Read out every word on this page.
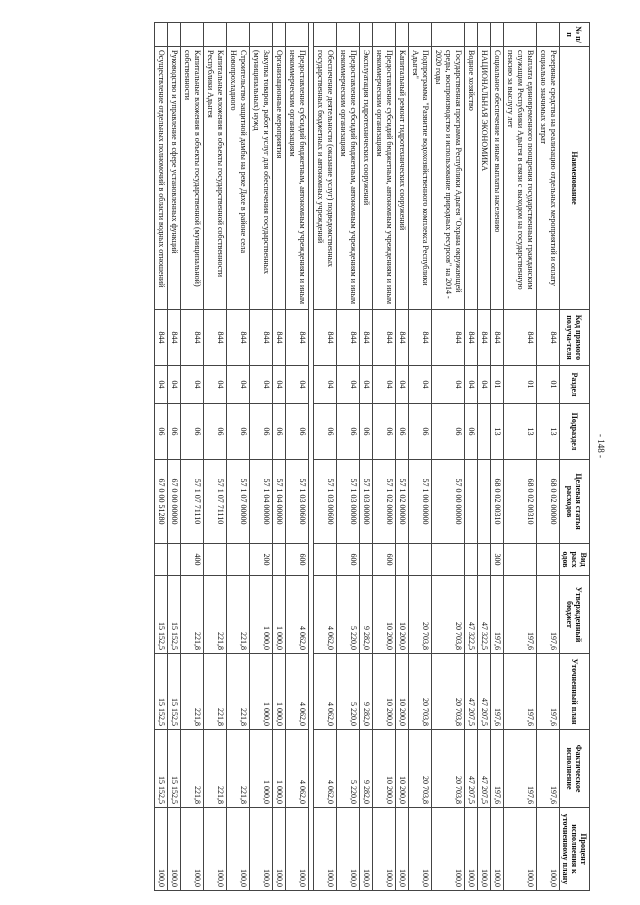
- 148 -
№ п/п	Наименование	Код прямого получа-теля	Раздел	Подраздел	Целевая статья расходов	Вид расх одов	Утвержденный бюджет	Уточненный план	Фактическое исполнение	Процент исполнения к уточненному плану
	Резервные средства на реализацию отдельных мероприятий и оплату социально значимых затрат	844	01	13	68 0 02 00000		197,6	197,6	197,6	100,0
	Выплата единовременного поощрения государственным гражданским служащим Республики Адыгея в связи с выходом на государственную пенсию за выслугу лет	844	01	13	68 0 02 00310		197,6	197,6	197,6	100,0
	Социальное обеспечение и иные выплаты населению	844	01	13	68 0 02 00310	300	197,6	197,6	197,6	100,0
	НАЦИОНАЛЬНАЯ ЭКОНОМИКА	844	04				47 322,5	47 207,5	47 207,5	100,0
	Водное хозяйство	844	04	06			47 322,5	47 207,5	47 207,5	100,0
	Государственная программа Республики Адыгея "Охрана окружающей среды, воспроизводство и использование природных ресурсов" на 2014 - 2020 годы	844	04	06	57 0 00 00000		20 703,8	20 703,8	20 703,8	100,0
	Подпрограмма "Развитие водохозяйственного комплекса Республики Адыгея"	844	04	06	57 1 00 00000		20 703,8	20 703,8	20 703,8	100,0
	Капитальный ремонт гидротехнических сооружений	844	04	06	57 1 02 00000		10 200,0	10 200,0	10 200,0	100,0
	Предоставление субсидий бюджетным, автономным учреждениям и иным некоммерческим организациям	844	04	06	57 1 02 00000	600	10 200,0	10 200,0	10 200,0	100,0
	Эксплуатация гидротехнических сооружений	844	04	06	57 1 03 00000		9 282,0	9 282,0	9 282,0	100,0
	Предоставление субсидий бюджетным, автономным учреждениям и иным некоммерческим организациям	844	04	06	57 1 03 00000	600	5 220,0	5 220,0	5 220,0	100,0
	Обеспечение деятельности (оказание услуг) подведомственных государственных бюджетных и автономных учреждений	844	04	06	57 1 03 00600		4 062,0	4 062,0	4 062,0	100,0

	Предоставление субсидий бюджетным, автономным учреждениям и иным некоммерческим организациям	844	04	06	57 1 03 00600	600	4 062,0	4 062,0	4 062,0	100,0
	Организационные мероприятия	844	04	06	57 1 04 00000		1 000,0	1 000,0	1 000,0	100,0
	Закупка товаров, работ и услуг для обеспечения государственных (муниципальных) нужд	844	04	06	57 1 04 00000	200	1 000,0	1 000,0	1 000,0	100,0
	Строительство защитной дамбы на реке Дахе в районе села Новопрохладного	844	04	06	57 1 07 00000		221,8	221,8	221,8	100,0
	Капитальные вложения в объекты государственной собственности Республики Адыгея	844	04	06	57 1 07 71110		221,8	221,8	221,8	100,0
	Капитальные вложения в объекты государственной (муниципальной) собственности	844	04	06	57 1 07 71110	400	221,8	221,8	221,8	100,0
	Руководство и управление в сфере установленных функций	844	04	06	67 0 00 00000		15 152,5	15 152,5	15 152,5	100,0
	Осуществление отдельных полномочий в области водных отношений	844	04	06	67 0 00 51280		15 152,5	15 152,5	15 152,5	100,0
